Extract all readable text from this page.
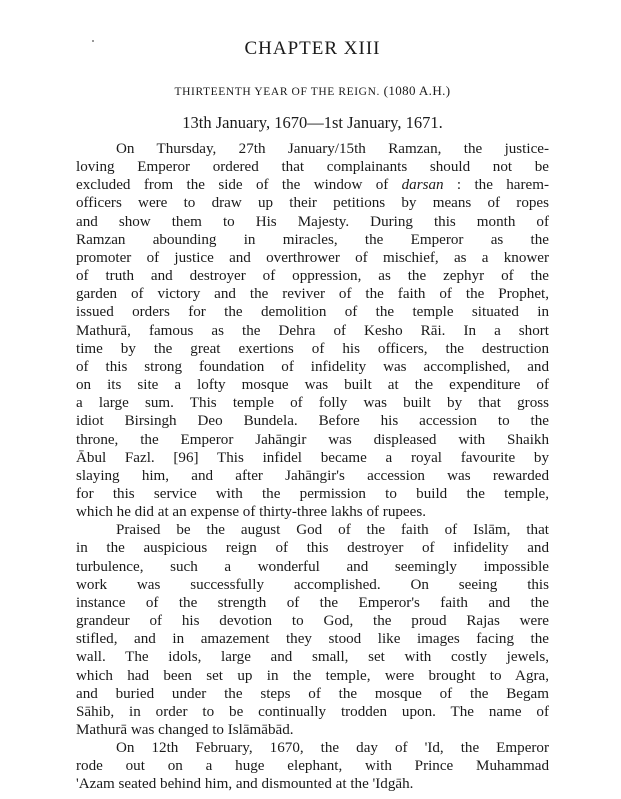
CHAPTER XIII
THIRTEENTH YEAR OF THE REIGN. (1080 A.H.)
13th January, 1670—1st January, 1671.
On Thursday, 27th January/15th Ramzan, the justice-
loving Emperor ordered that complainants should not be
excluded from the side of the window of darsan : the harem-
officers were to draw up their petitions by means of ropes
and show them to His Majesty. During this month of
Ramzan abounding in miracles, the Emperor as the
promoter of justice and overthrower of mischief, as a knower
of truth and destroyer of oppression, as the zephyr of the
garden of victory and the reviver of the faith of the Prophet,
issued orders for the demolition of the temple situated in
Mathurā, famous as the Dehra of Kesho Rāi. In a short
time by the great exertions of his officers, the destruction
of this strong foundation of infidelity was accomplished, and
on its site a lofty mosque was built at the expenditure of
a large sum. This temple of folly was built by that gross
idiot Birsingh Deo Bundela. Before his accession to the
throne, the Emperor Jahāngir was displeased with Shaikh
Ābul Fazl. [96] This infidel became a royal favourite by
slaying him, and after Jahāngir's accession was rewarded
for this service with the permission to build the temple,
which he did at an expense of thirty-three lakhs of rupees.
Praised be the august God of the faith of Islām, that
in the auspicious reign of this destroyer of infidelity and
turbulence, such a wonderful and seemingly impossible
work was successfully accomplished. On seeing this
instance of the strength of the Emperor's faith and the
grandeur of his devotion to God, the proud Rajas were
stifled, and in amazement they stood like images facing the
wall. The idols, large and small, set with costly jewels,
which had been set up in the temple, were brought to Agra,
and buried under the steps of the mosque of the Begam
Sāhib, in order to be continually trodden upon. The name of
Mathurā was changed to Islāmābād.
On 12th February, 1670, the day of 'Id, the Emperor
rode out on a huge elephant, with Prince Muhammad
'Azam seated behind him, and dismounted at the 'Idgāh.
